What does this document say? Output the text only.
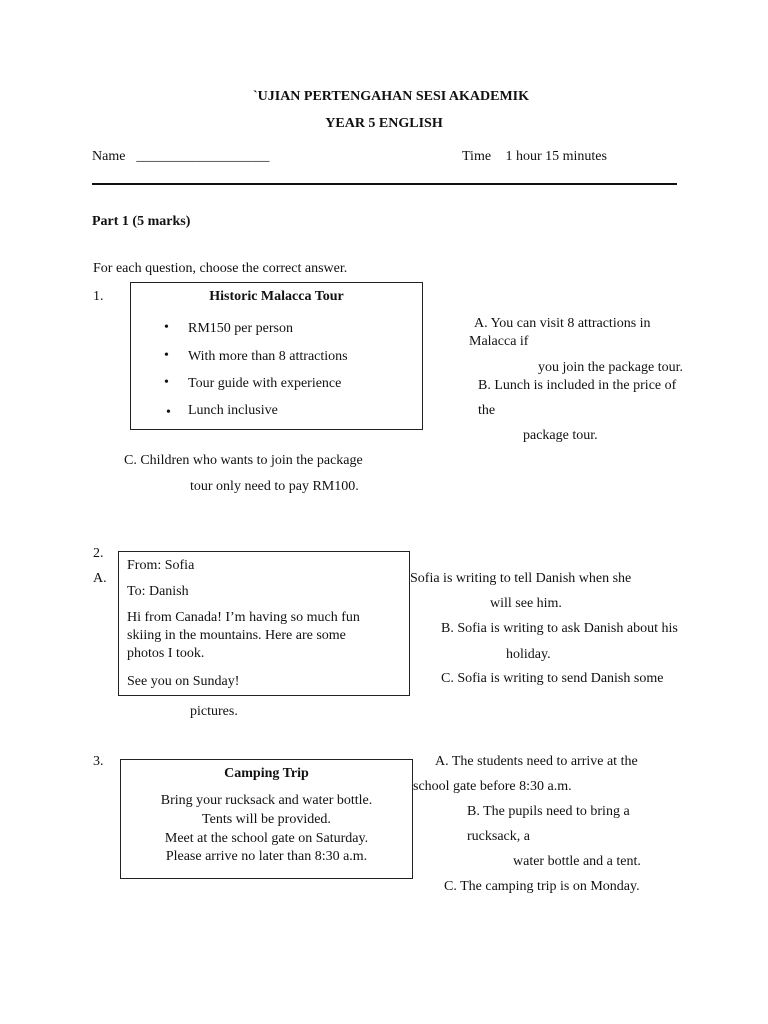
`UJIAN PERTENGAHAN SESI AKADEMIK
YEAR 5 ENGLISH
Name ___________________	Time  1 hour 15 minutes
Part 1 (5 marks)
For each question, choose the correct answer.
1.	Historic Malacca Tour
• RM150 per person
• With more than 8 attractions
• Tour guide with experience
• Lunch inclusive
A. You can visit 8 attractions in
Malacca if
you join the package tour.
B. Lunch is included in the price of
the
package tour.
C. Children who wants to join the package
tour only need to pay RM100.
2.
A.
From: Sofia
To: Danish
Hi from Canada! I’m having so much fun
skiing in the mountains. Here are some
photos I took.
See you on Sunday!
Sofia is writing to tell Danish when she
will see him.
B. Sofia is writing to ask Danish about his
holiday.
C. Sofia is writing to send Danish some
pictures.
3.
Camping Trip
Bring your rucksack and water bottle.
Tents will be provided.
Meet at the school gate on Saturday.
Please arrive no later than 8:30 a.m.
A. The students need to arrive at the
school gate before 8:30 a.m.
B. The pupils need to bring a
rucksack, a
water bottle and a tent.
C. The camping trip is on Monday.
